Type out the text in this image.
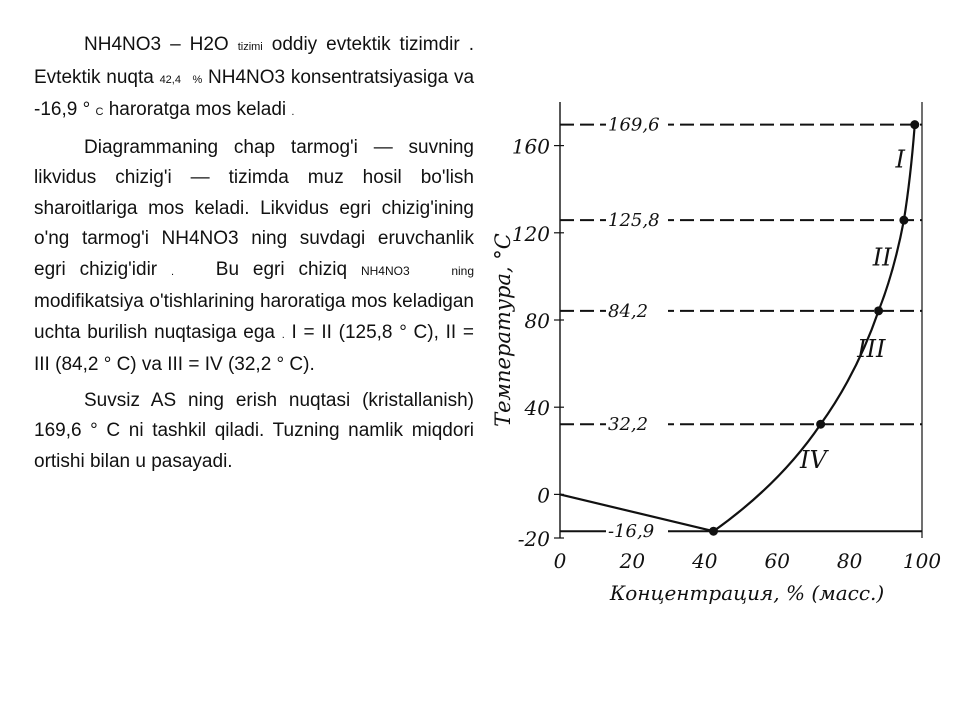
NH4NO3 – H2O tizimi oddiy evtektik tizimdir . Evtektik nuqta 42,4 % NH4NO3 konsentratsiyasiga va -16,9 ° C haroratga mos keladi .

Diagrammaning chap tarmog'i — suvning likvidus chizig'i — tizimda muz hosil bo'lish sharoitlariga mos keladi. Likvidus egri chizig'ining o'ng tarmog'i NH4NO3 ning suvdagi eruvchanlik egri chizig'idir . Bu egri chiziq NH4NO3	ning modifikatsiya o'tishlarining haroratiga mos keladigan uchta burilish nuqtasiga ega . I = II (125,8 ° C), II = III (84,2 ° C) va III = IV (32,2 ° C).

Suvsiz AS ning erish nuqtasi (kristallanish) 169,6 ° C ni tashkil qiladi. Tuzning namlik miqdori ortishi bilan u pasayadi.

-20
0
40
80
120
160
0	20 40 60 80 100
169,6
125,8
84,2
32,2
-16,9
I
II
III
IV
Концентрация, % (масс.)
Температура, °C
